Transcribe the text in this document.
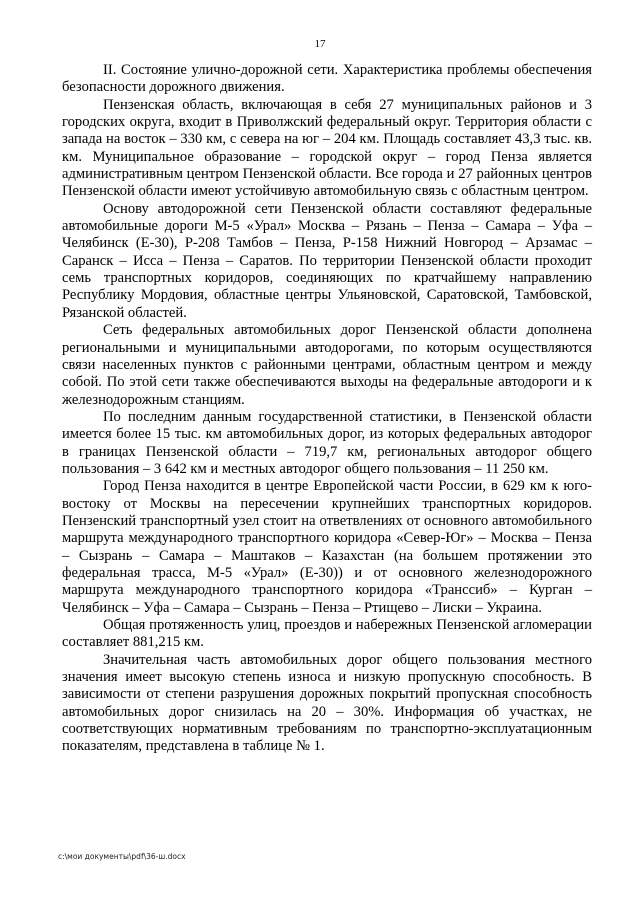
17

II. Состояние улично-дорожной сети. Характеристика проблемы обеспечения безопасности дорожного движения.

Пензенская область, включающая в себя 27 муниципальных районов и 3 городских округа, входит в Приволжский федеральный округ. Территория области с запада на восток – 330 км, с севера на юг – 204 км. Площадь составляет 43,3 тыс. кв. км. Муниципальное образование – городской округ – город Пенза является административным центром Пензенской области. Все города и 27 районных центров Пензенской области имеют устойчивую автомобильную связь с областным центром.

Основу автодорожной сети Пензенской области составляют федеральные автомобильные дороги М-5 «Урал» Москва – Рязань – Пенза – Самара – Уфа – Челябинск (Е-30), Р-208 Тамбов – Пенза, Р-158 Нижний Новгород – Арзамас – Саранск – Исса – Пенза – Саратов. По территории Пензенской области проходит семь транспортных коридоров, соединяющих по кратчайшему направлению Республику Мордовия, областные центры Ульяновской, Саратовской, Тамбовской, Рязанской областей.

Сеть федеральных автомобильных дорог Пензенской области дополнена региональными и муниципальными автодорогами, по которым осуществляются связи населенных пунктов с районными центрами, областным центром и между собой. По этой сети также обеспечиваются выходы на федеральные автодороги и к железнодорожным станциям.

По последним данным государственной статистики, в Пензенской области имеется более 15 тыс. км автомобильных дорог, из которых федеральных автодорог в границах Пензенской области – 719,7 км, региональных автодорог общего пользования – 3 642 км и местных автодорог общего пользования – 11 250 км.

Город Пенза находится в центре Европейской части России, в 629 км к юго-востоку от Москвы на пересечении крупнейших транспортных коридоров. Пензенский транспортный узел стоит на ответвлениях от основного автомобильного маршрута международного транспортного коридора «Север-Юг» – Москва – Пенза – Сызрань – Самара – Маштаков – Казахстан (на большем протяжении это федеральная трасса, М-5 «Урал» (Е-30)) и от основного железнодорожного маршрута международного транспортного коридора «Транссиб» – Курган – Челябинск – Уфа – Самара – Сызрань – Пенза – Ртищево – Лиски – Украина.

Общая протяженность улиц, проездов и набережных Пензенской агломерации составляет 881,215 км.

Значительная часть автомобильных дорог общего пользования местного значения имеет высокую степень износа и низкую пропускную способность. В зависимости от степени разрушения дорожных покрытий пропускная способность автомобильных дорог снизилась на 20 – 30%. Информация об участках, не соответствующих нормативным требованиям по транспортно-эксплуатационным показателям, представлена в таблице № 1.

c:\мои документы\pdf\36-ш.docx
